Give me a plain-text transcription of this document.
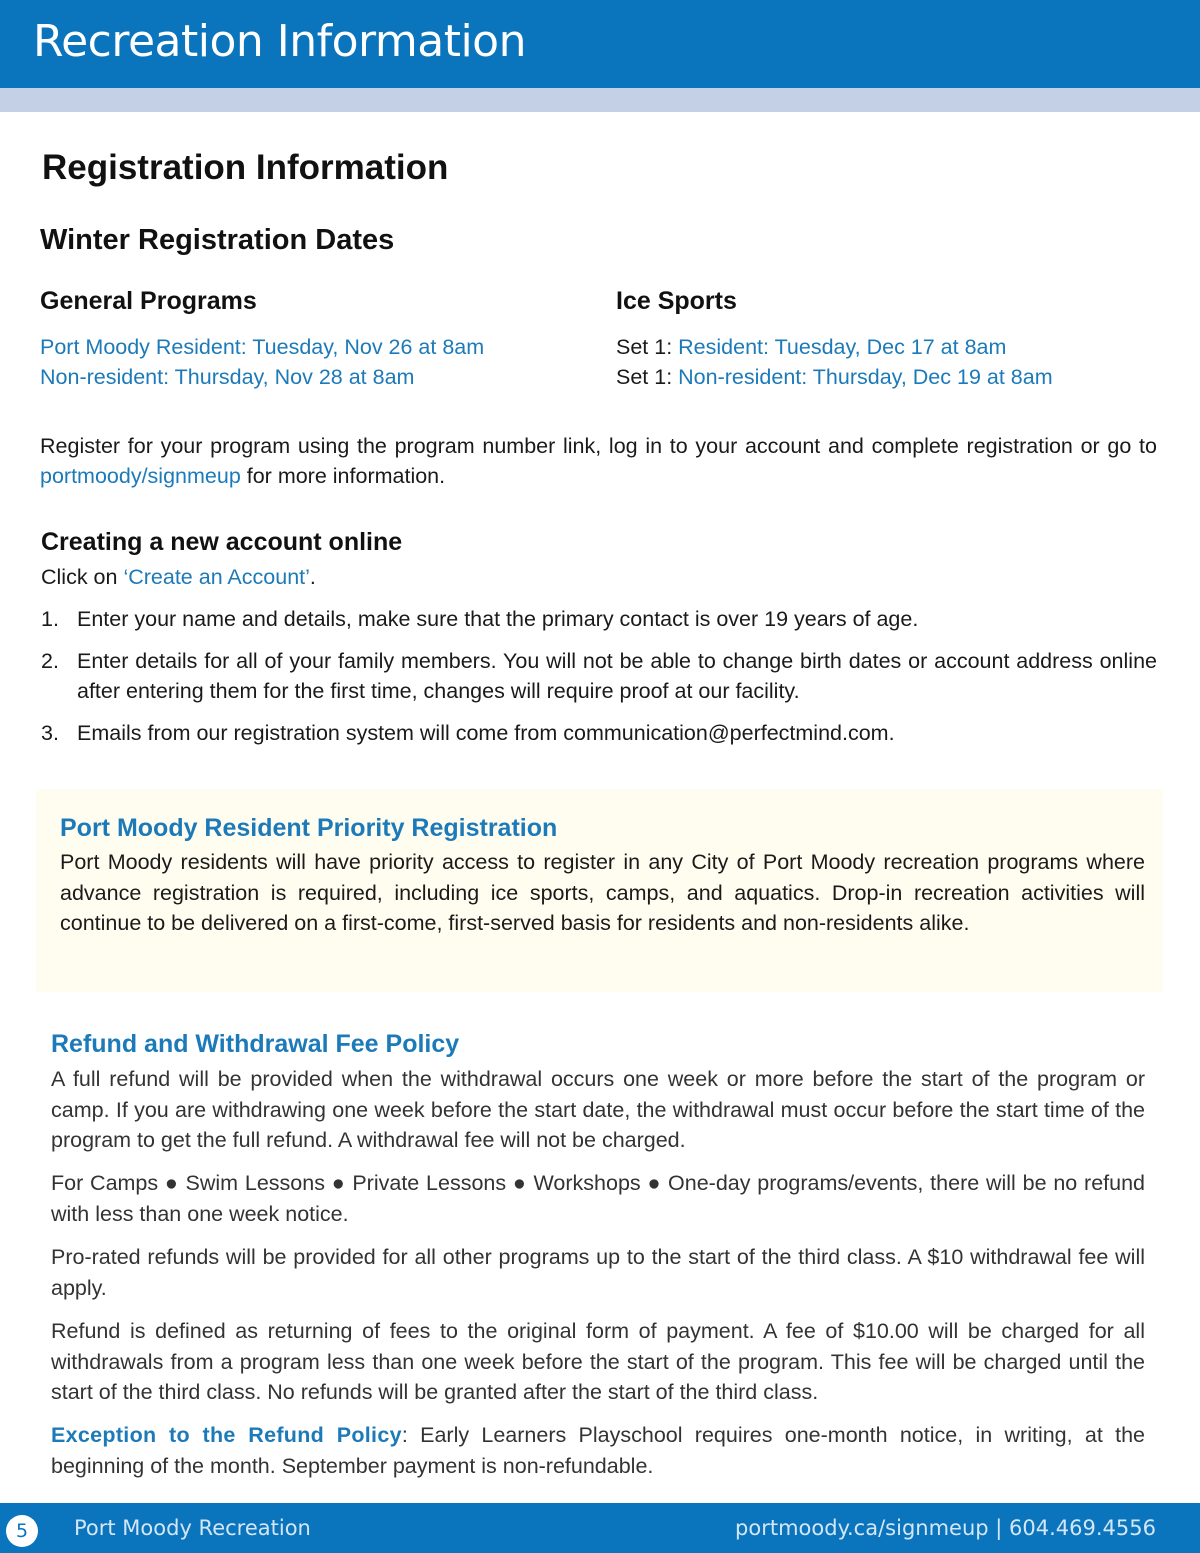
Recreation Information
Registration Information
Winter Registration Dates
General Programs
Port Moody Resident: Tuesday, Nov 26 at 8am
Non-resident: Thursday, Nov 28 at 8am
Ice Sports
Set 1: Resident: Tuesday, Dec 17 at 8am
Set 1: Non-resident: Thursday, Dec 19 at 8am

Register for your program using the program number link, log in to your account and complete registration or go to portmoody/signmeup for more information.

Creating a new account online

Click on ‘Create an Account’.

1. Enter your name and details, make sure that the primary contact is over 19 years of age.
2. Enter details for all of your family members. You will not be able to change birth dates or account address online after entering them for the first time, changes will require proof at our facility.
3. Emails from our registration system will come from communication@perfectmind.com.
Port Moody Resident Priority Registration

Port Moody residents will have priority access to register in any City of Port Moody recreation programs where advance registration is required, including ice sports, camps, and aquatics. Drop-in recreation activities will continue to be delivered on a first-come, first-served basis for residents and non-residents alike.

Refund and Withdrawal Fee Policy

A full refund will be provided when the withdrawal occurs one week or more before the start of the program or camp. If you are withdrawing one week before the start date, the withdrawal must occur before the start time of the program to get the full refund. A withdrawal fee will not be charged.

For Camps ● Swim Lessons ● Private Lessons ● Workshops ● One-day programs/events, there will be no refund with less than one week notice.

Pro-rated refunds will be provided for all other programs up to the start of the third class. A $10 withdrawal fee will apply.

Refund is defined as returning of fees to the original form of payment. A fee of $10.00 will be charged for all withdrawals from a program less than one week before the start of the program. This fee will be charged until the start of the third class. No refunds will be granted after the start of the third class.

Exception to the Refund Policy: Early Learners Playschool requires one-month notice, in writing, at the beginning of the month. September payment is non-refundable.

5	Port Moody Recreation	portmoody.ca/signmeup | 604.469.4556
